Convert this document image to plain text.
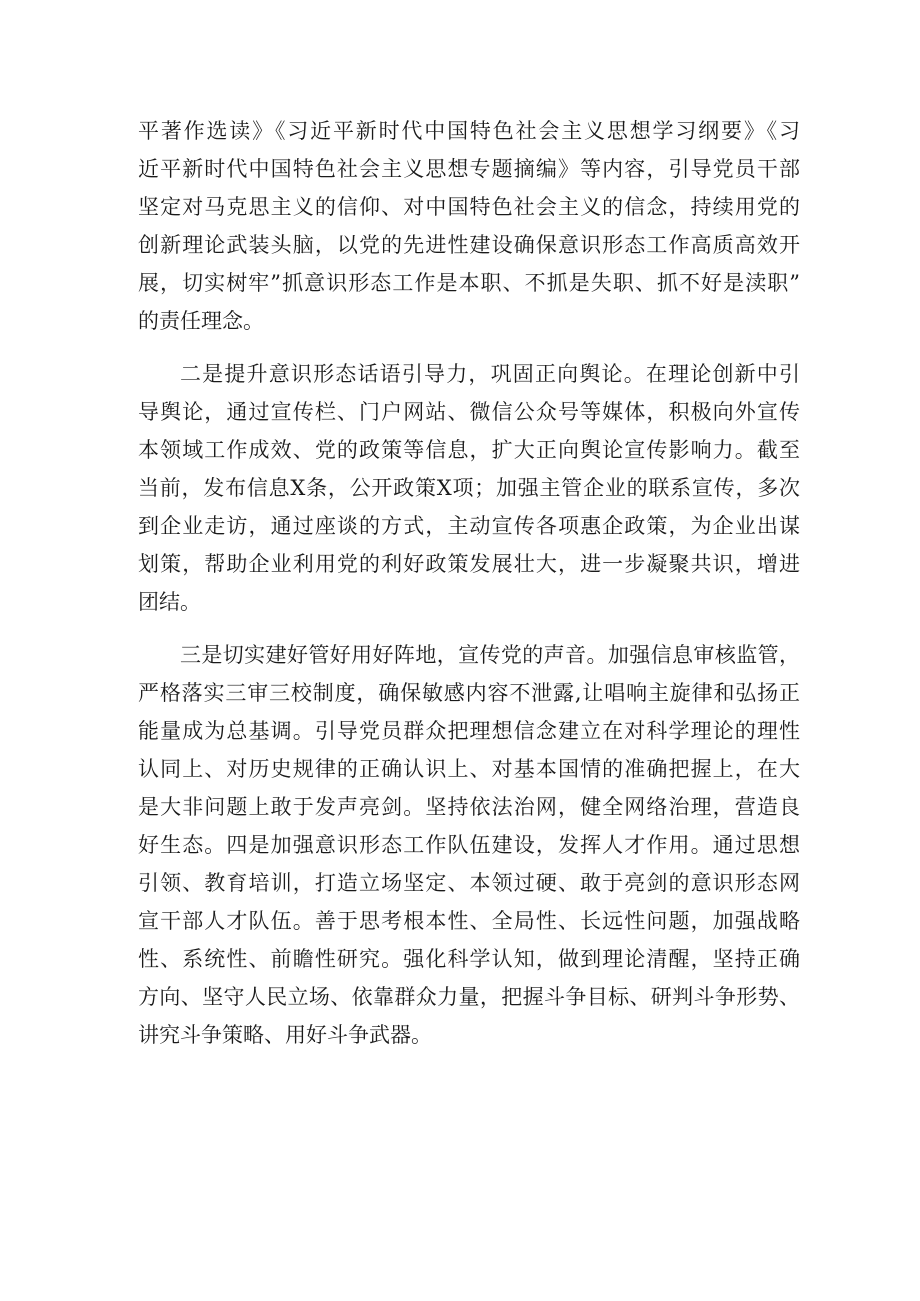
平著作选读》《习近平新时代中国特色社会主义思想学习纲要》《习
近平新时代中国特色社会主义思想专题摘编》等内容，引导党员干部
坚定对马克思主义的信仰、对中国特色社会主义的信念，持续用党的
创新理论武装头脑，以党的先进性建设确保意识形态工作高质高效开
展，切实树牢”抓意识形态工作是本职、不抓是失职、抓不好是渎职”
的责任理念。
二是提升意识形态话语引导力，巩固正向舆论。在理论创新中引
导舆论，通过宣传栏、门户网站、微信公众号等媒体，积极向外宣传
本领域工作成效、党的政策等信息，扩大正向舆论宣传影响力。截至
当前，发布信息X条，公开政策X项；加强主管企业的联系宣传，多次
到企业走访，通过座谈的方式，主动宣传各项惠企政策，为企业出谋
划策，帮助企业利用党的利好政策发展壮大，进一步凝聚共识，增进
团结。
三是切实建好管好用好阵地，宣传党的声音。加强信息审核监管，
严格落实三审三校制度，确保敏感内容不泄露,让唱响主旋律和弘扬正
能量成为总基调。引导党员群众把理想信念建立在对科学理论的理性
认同上、对历史规律的正确认识上、对基本国情的准确把握上，在大
是大非问题上敢于发声亮剑。坚持依法治网，健全网络治理，营造良
好生态。四是加强意识形态工作队伍建设，发挥人才作用。通过思想
引领、教育培训，打造立场坚定、本领过硬、敢于亮剑的意识形态网
宣干部人才队伍。善于思考根本性、全局性、长远性问题，加强战略
性、系统性、前瞻性研究。强化科学认知，做到理论清醒，坚持正确
方向、坚守人民立场、依靠群众力量，把握斗争目标、研判斗争形势、
讲究斗争策略、用好斗争武器。
